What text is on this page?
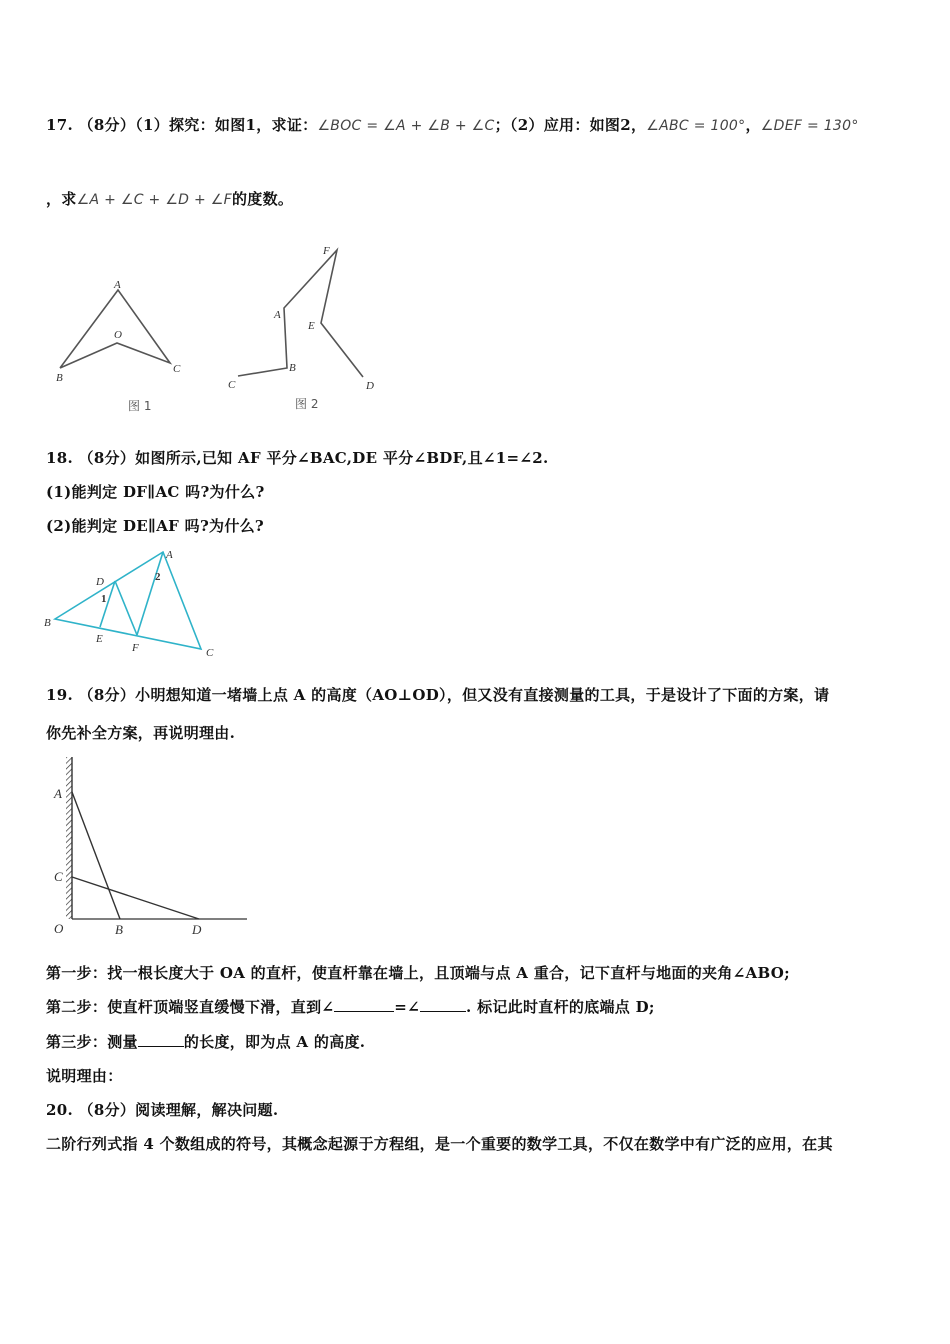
17. （8分）（1）探究：如图1，求证：∠BOC = ∠A + ∠B + ∠C；（2）应用：如图2，∠ABC = 100°，∠DEF = 130°
，求∠A + ∠C + ∠D + ∠F的度数。
A
O
B
C
图 1
F
A
E
B
C	D
图 2
18. （8分）如图所示,已知 AF 平分∠BAC,DE 平分∠BDF,且∠1=∠2.
(1)能判定 DF∥AC 吗?为什么?
(2)能判定 DE∥AF 吗?为什么?
A
D
B
E
F	C
1
2
19. （8分）小明想知道一堵墙上点 A 的高度（AO⊥OD），但又没有直接测量的工具，于是设计了下面的方案，请
你先补全方案，再说明理由.
A
C
O	B	D
第一步：找一根长度大于 OA 的直杆，使直杆靠在墙上，且顶端与点 A 重合，记下直杆与地面的夹角∠ABO;
第二步：使直杆顶端竖直缓慢下滑，直到∠	=∠	. 标记此时直杆的底端点 D;
第三步：测量	的长度，即为点 A 的高度.
说明理由：
20. （8分）阅读理解，解决问题.
二阶行列式指 4 个数组成的符号，其概念起源于方程组，是一个重要的数学工具，不仅在数学中有广泛的应用，在其
